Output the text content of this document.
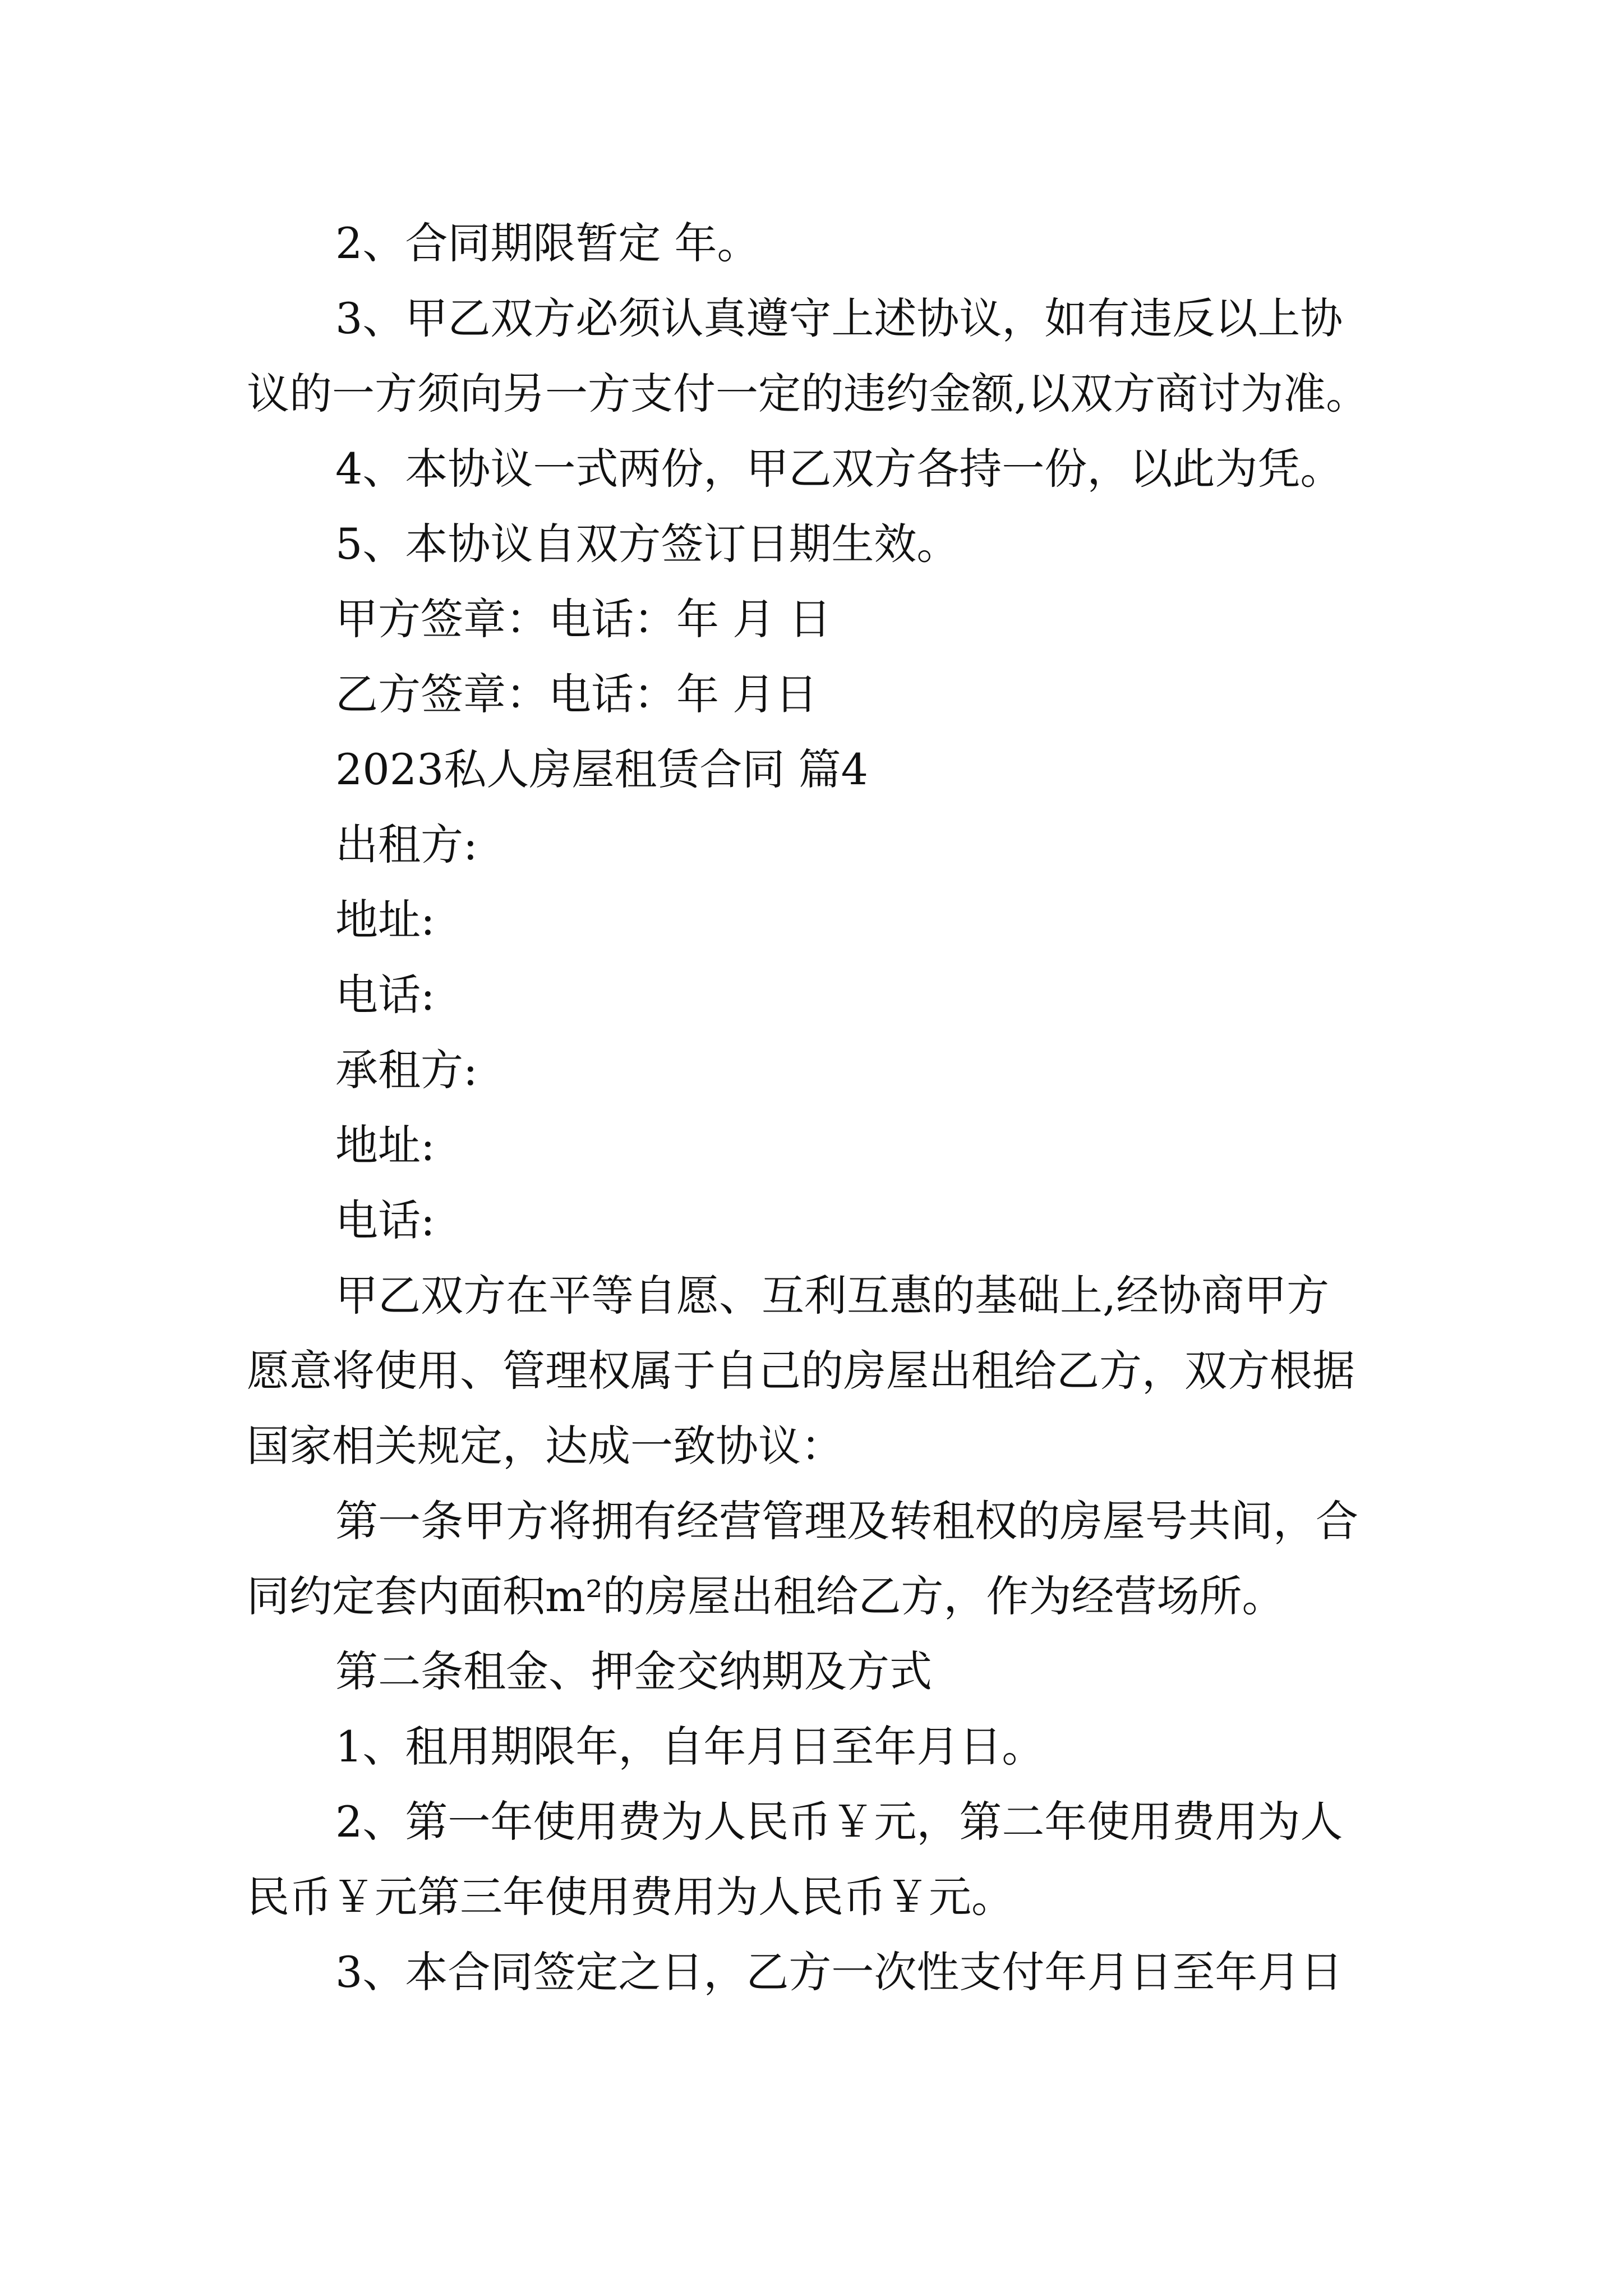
2、合同期限暂定 年。

3、甲乙双方必须认真遵守上述协议，如有违反以上协

议的一方须向另一方支付一定的违约金额,以双方商讨为准。

4、本协议一式两份，甲乙双方各持一份，以此为凭。

5、本协议自双方签订日期生效。

甲方签章：电话：年 月 日

乙方签章：电话：年 月日

2023私人房屋租赁合同 篇4

出租方:

地址:

电话:

承租方:

地址:

电话:

甲乙双方在平等自愿、互利互惠的基础上,经协商甲方

愿意将使用、管理权属于自己的房屋出租给乙方，双方根据

国家相关规定，达成一致协议：

第一条甲方将拥有经营管理及转租权的房屋号共间，合

同约定套内面积m²的房屋出租给乙方，作为经营场所。

第二条租金、押金交纳期及方式

1、租用期限年，自年月日至年月日。

2、第一年使用费为人民币￥元，第二年使用费用为人

民币￥元第三年使用费用为人民币￥元。

3、本合同签定之日，乙方一次性支付年月日至年月日
